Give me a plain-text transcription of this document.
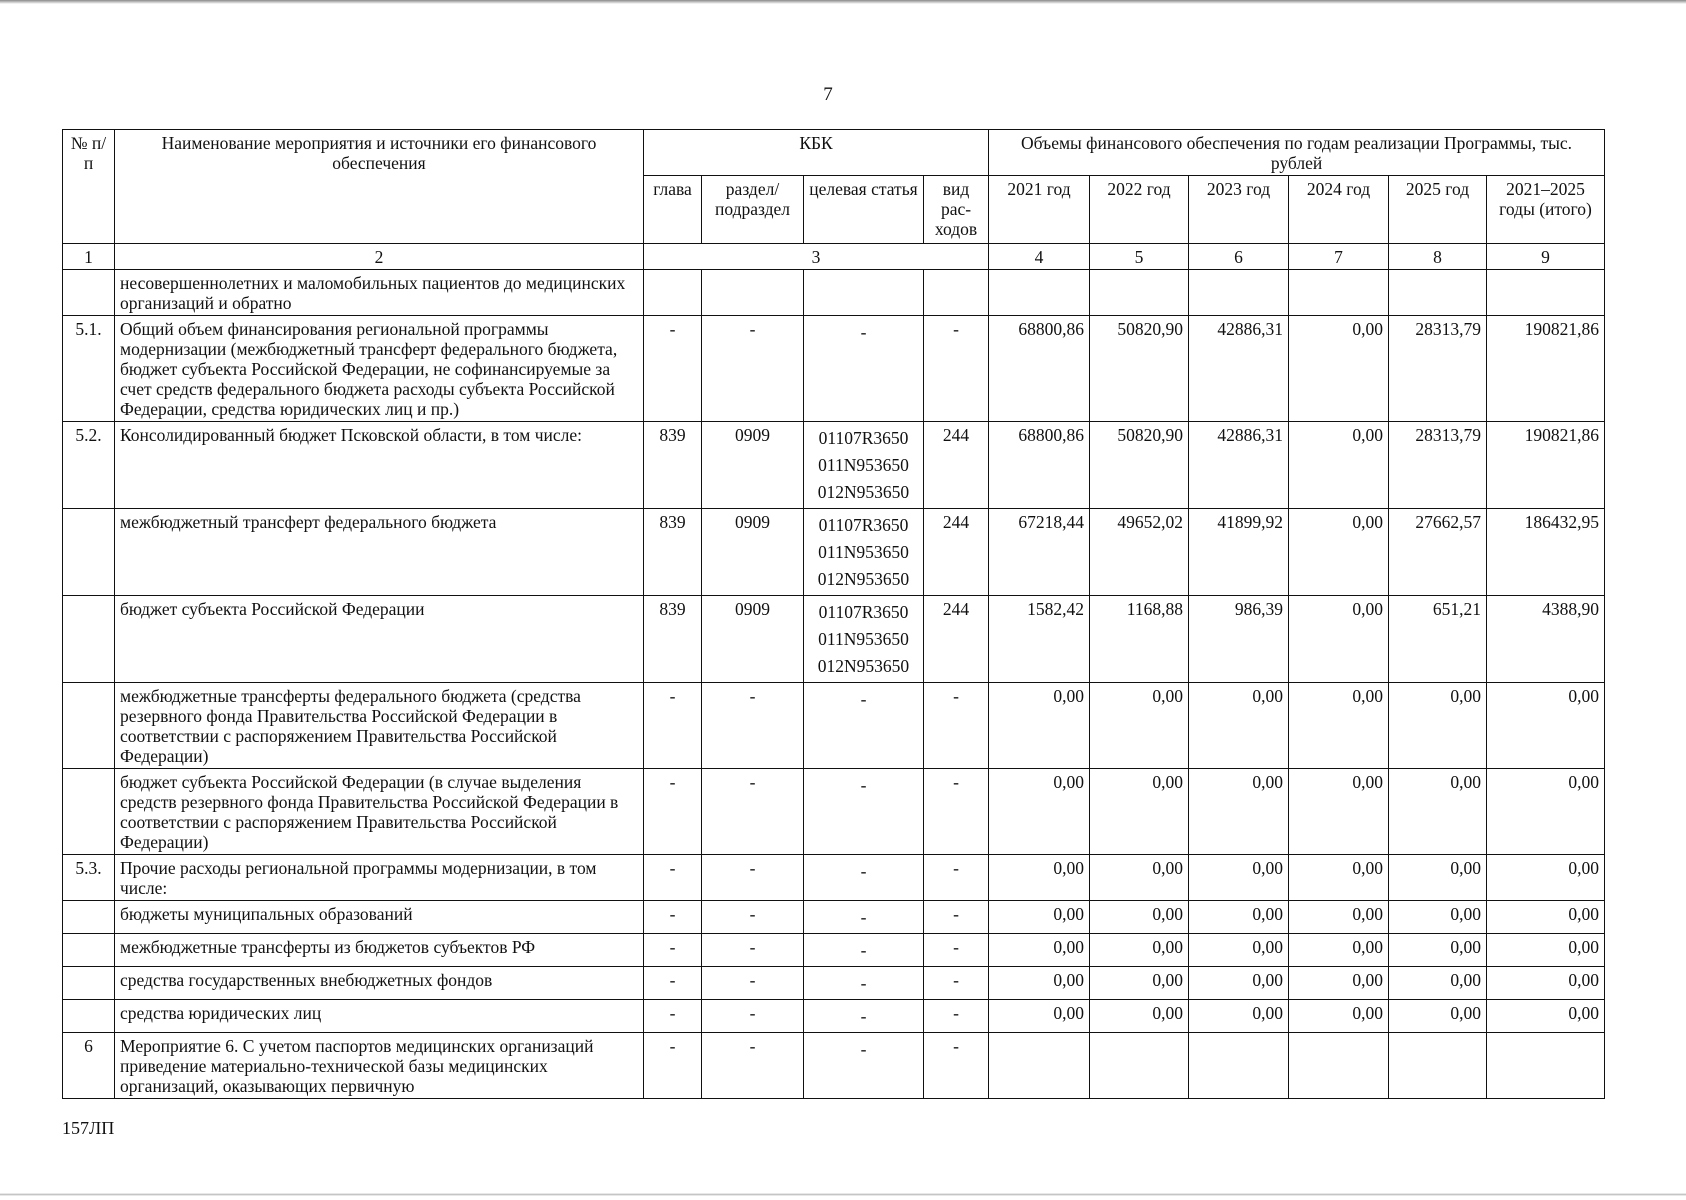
7
№ п/п	Наименование мероприятия и источники его финансового обеспечения	КБК				Объемы финансового обеспечения по годам реализации Программы, тыс. рублей					
		глава	раздел/ подраздел	целевая статья	вид рас- ходов	2021 год	2022 год	2023 год	2024 год	2025 год	2021–2025 годы (итого)
1	2	3				4	5	6	7	8	9
	несовершеннолетних и маломобильных пациентов до медицинских организаций и обратно										
5.1.	Общий объем финансирования региональной программы модернизации (межбюджетный трансферт федерального бюджета, бюджет субъекта Российской Федерации, не софинансируемые за счет средств федерального бюджета расходы субъекта Российской Федерации, средства юридических лиц и пр.)	-	-	-	-	68800,86	50820,90	42886,31	0,00	28313,79	190821,86
5.2.	Консолидированный бюджет Псковской области, в том числе:	839	0909	01107R3650
011N953650
012N953650	244	68800,86	50820,90	42886,31	0,00	28313,79	190821,86
	межбюджетный трансферт федерального бюджета	839	0909	01107R3650
011N953650
012N953650	244	67218,44	49652,02	41899,92	0,00	27662,57	186432,95
	бюджет субъекта Российской Федерации	839	0909	01107R3650
011N953650
012N953650	244	1582,42	1168,88	986,39	0,00	651,21	4388,90
	межбюджетные трансферты федерального бюджета (средства резервного фонда Правительства Российской Федерации в соответствии с распоряжением Правительства Российской Федерации)	-	-	-	-	0,00	0,00	0,00	0,00	0,00	0,00
	бюджет субъекта Российской Федерации (в случае выделения средств резервного фонда Правительства Российской Федерации в соответствии с распоряжением Правительства Российской Федерации)	-	-	-	-	0,00	0,00	0,00	0,00	0,00	0,00
5.3.	Прочие расходы региональной программы модернизации, в том числе:	-	-	-	-	0,00	0,00	0,00	0,00	0,00	0,00
	бюджеты муниципальных образований	-	-	-	-	0,00	0,00	0,00	0,00	0,00	0,00
	межбюджетные трансферты из бюджетов субъектов РФ	-	-	-	-	0,00	0,00	0,00	0,00	0,00	0,00
	средства государственных внебюджетных фондов	-	-	-	-	0,00	0,00	0,00	0,00	0,00	0,00
	средства юридических лиц	-	-	-	-	0,00	0,00	0,00	0,00	0,00	0,00
6	Мероприятие 6. С учетом паспортов медицинских организаций приведение материально-технической базы медицинских организаций, оказывающих первичную	-	-	-	-						
157ЛП
